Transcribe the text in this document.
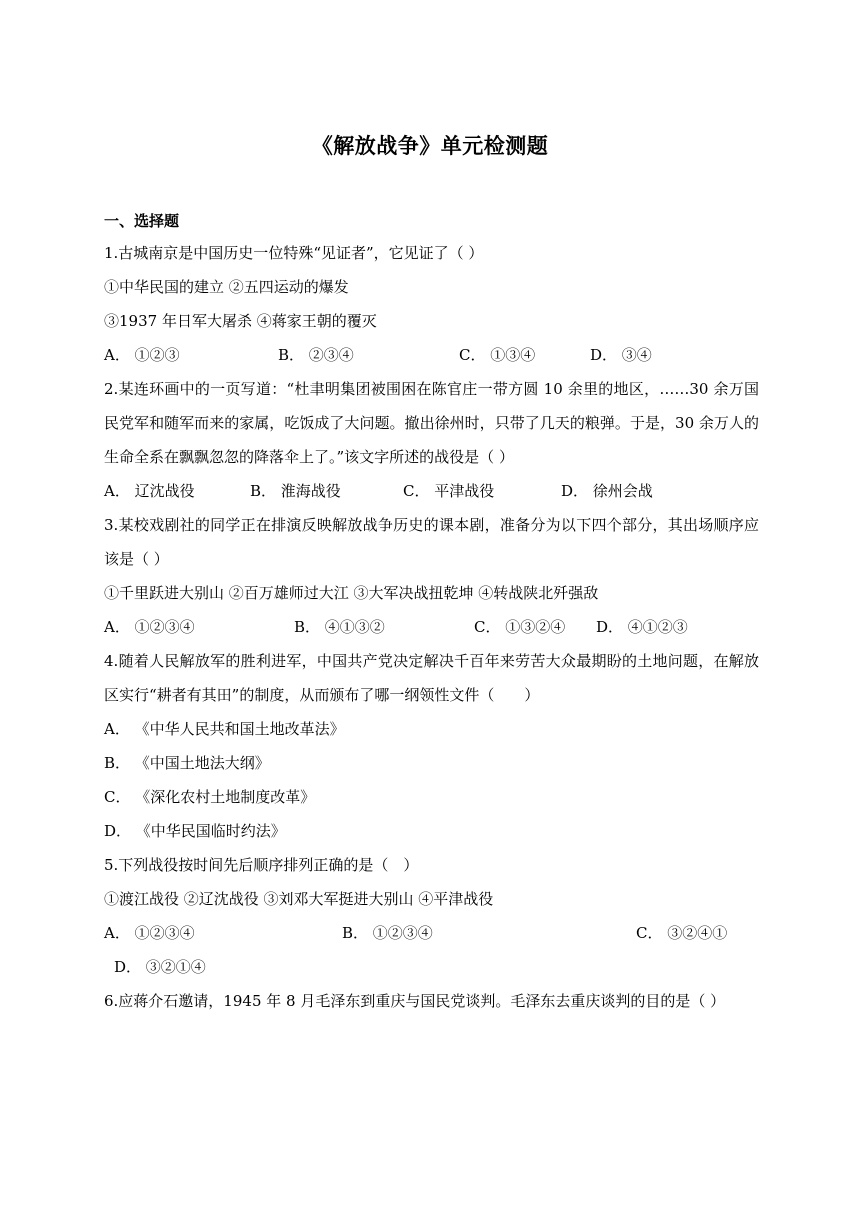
《解放战争》单元检测题
一、选择题
1.古城南京是中国历史一位特殊“见证者”，它见证了（ ）
①中华民国的建立 ②五四运动的爆发
③1937 年日军大屠杀 ④蒋家王朝的覆灭
A． ①②③	B． ②③④	C． ①③④	D． ③④
2.某连环画中的一页写道：“杜聿明集团被围困在陈官庄一带方圆 10 余里的地区，……30 余万国民党军和随军而来的家属，吃饭成了大问题。撤出徐州时，只带了几天的粮弹。于是，30 余万人的生命全系在飘飘忽忽的降落伞上了。”该文字所述的战役是（ ）
A． 辽沈战役	B． 淮海战役	C． 平津战役	D． 徐州会战
3.某校戏剧社的同学正在排演反映解放战争历史的课本剧，准备分为以下四个部分，其出场顺序应该是（ ）
①千里跃进大别山 ②百万雄师过大江 ③大军决战扭乾坤 ④转战陕北歼强敌
A． ①②③④	B． ④①③②	C． ①③②④	D． ④①②③
4.随着人民解放军的胜利进军，中国共产党决定解决千百年来劳苦大众最期盼的土地问题，在解放区实行“耕者有其田”的制度，从而颁布了哪一纲领性文件（　　）
A． 《中华人民共和国土地改革法》
B． 《中国土地法大纲》
C． 《深化农村土地制度改革》
D． 《中华民国临时约法》
5.下列战役按时间先后顺序排列正确的是（　）
①渡江战役 ②辽沈战役 ③刘邓大军挺进大别山 ④平津战役
A． ①②③④	B． ①②③④	C． ③②④①
D． ③②①④
6.应蒋介石邀请，1945 年 8 月毛泽东到重庆与国民党谈判。毛泽东去重庆谈判的目的是（ ）
